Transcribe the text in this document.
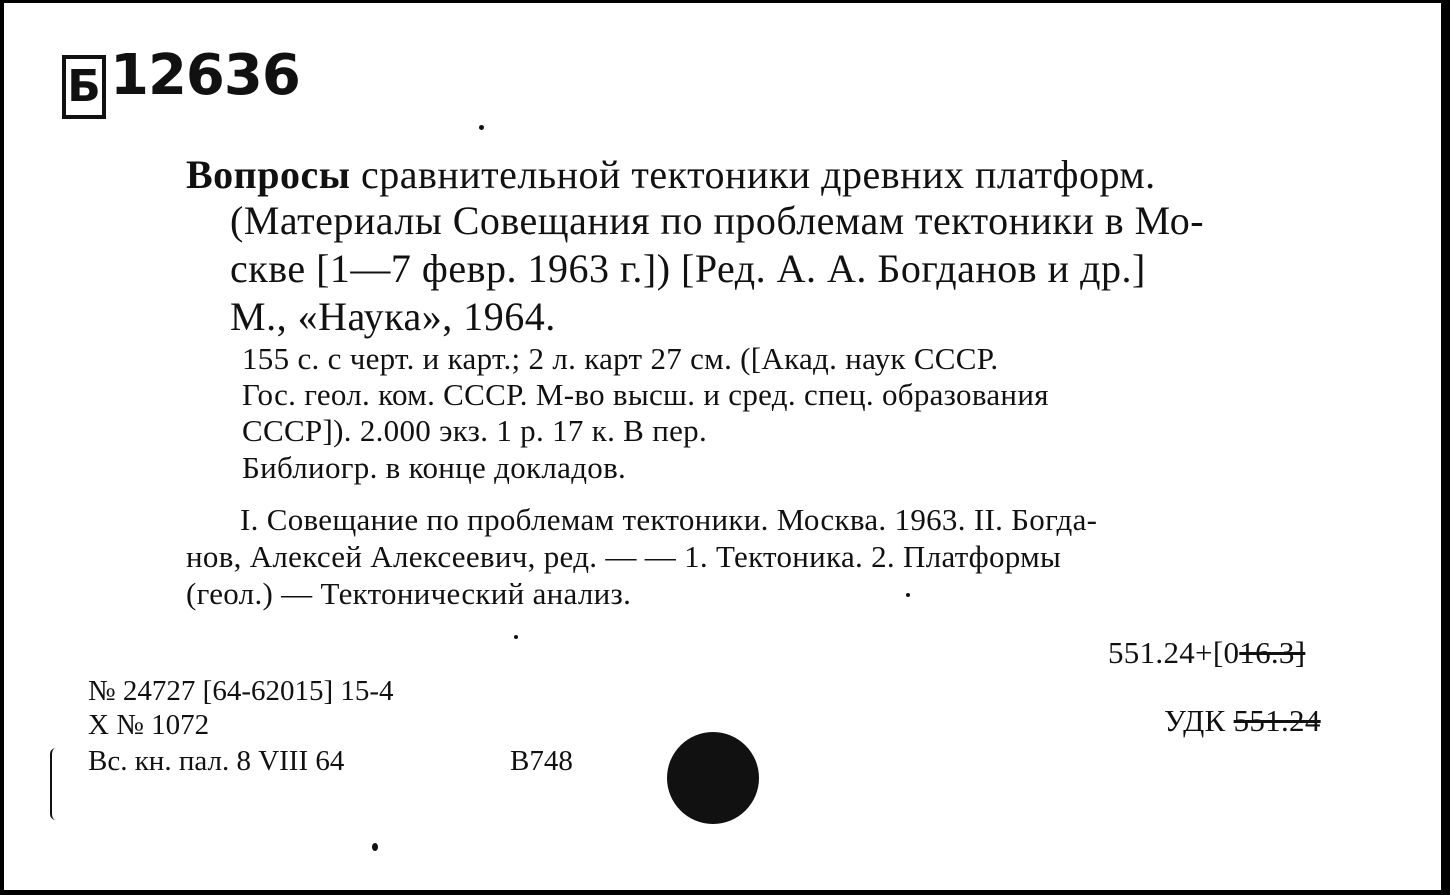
Б 12636
Вопросы сравнительной тектоники древних платформ.
(Материалы Совещания по проблемам тектоники в Мо-
скве [1—7 февр. 1963 г.]) [Ред. А. А. Богданов и др.]
М., «Наука», 1964.
155 с. с черт. и карт.; 2 л. карт 27 см. ([Акад. наук СССР.
Гос. геол. ком. СССР. М-во высш. и сред. спец. образования
СССР]). 2.000 экз. 1 р. 17 к. В пер.
Библиогр. в конце докладов.
I. Совещание по проблемам тектоники. Москва. 1963. II. Богда-
нов, Алексей Алексеевич, ред. — — 1. Тектоника. 2. Платформы
(геол.) — Тектонический анализ.
551.24+[016.3]
УДК 551.24
№ 24727 [64-62015] 15-4
Х № 1072
Вс. кн. пал. 8 VIII 64	В748
